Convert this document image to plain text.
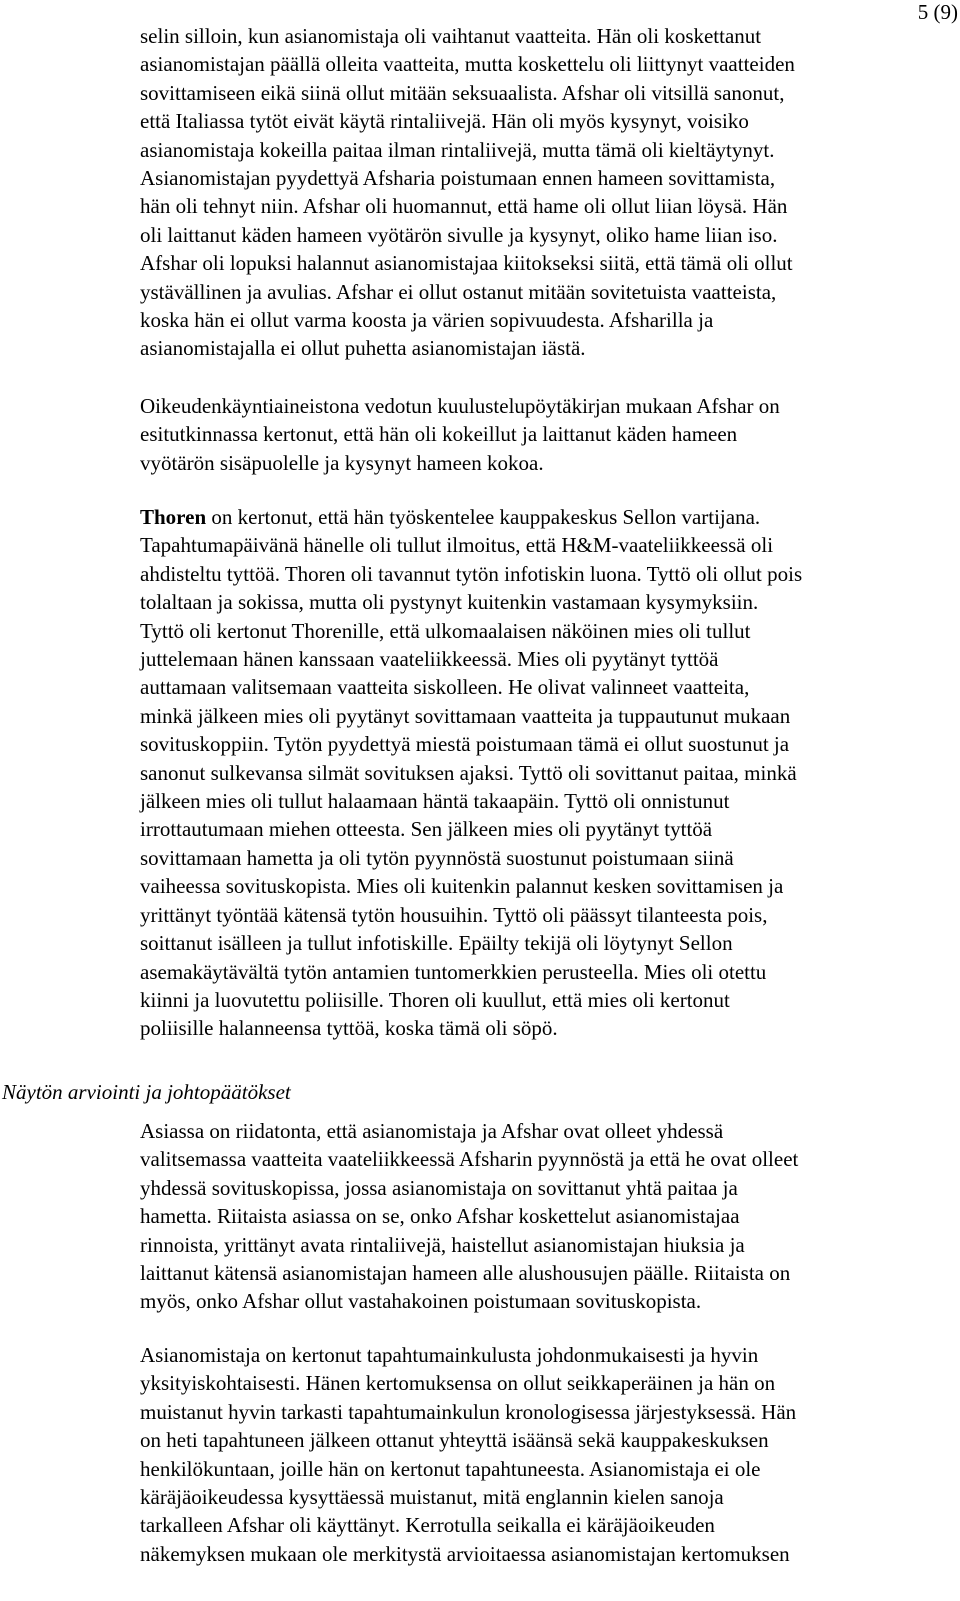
5 (9)
selin silloin, kun asianomistaja oli vaihtanut vaatteita. Hän oli koskettanut
asianomistajan päällä olleita vaatteita, mutta koskettelu oli liittynyt vaatteiden
sovittamiseen eikä siinä ollut mitään seksuaalista. Afshar oli vitsillä sanonut,
että Italiassa tytöt eivät käytä rintaliivejä. Hän oli myös kysynyt, voisiko
asianomistaja kokeilla paitaa ilman rintaliivejä, mutta tämä oli kieltäytynyt.
Asianomistajan pyydettyä Afsharia poistumaan ennen hameen sovittamista,
hän oli tehnyt niin. Afshar oli huomannut, että hame oli ollut liian löysä. Hän
oli laittanut käden hameen vyötärön sivulle ja kysynyt, oliko hame liian iso.
Afshar oli lopuksi halannut asianomistajaa kiitokseksi siitä, että tämä oli ollut
ystävällinen ja avulias. Afshar ei ollut ostanut mitään sovitetuista vaatteista,
koska hän ei ollut varma koosta ja värien sopivuudesta. Afsharilla ja
asianomistajalla ei ollut puhetta asianomistajan iästä.
Oikeudenkäyntiaineistona vedotun kuulustelupöytäkirjan mukaan Afshar on
esitutkinnassa kertonut, että hän oli kokeillut ja laittanut käden hameen
vyötärön sisäpuolelle ja kysynyt hameen kokoa.
Thoren on kertonut, että hän työskentelee kauppakeskus Sellon vartijana.
Tapahtumapäivänä hänelle oli tullut ilmoitus, että H&M-vaateliikkeessä oli
ahdisteltu tyttöä. Thoren oli tavannut tytön infotiskin luona. Tyttö oli ollut pois
tolaltaan ja sokissa, mutta oli pystynyt kuitenkin vastamaan kysymyksiin.
Tyttö oli kertonut Thorenille, että ulkomaalaisen näköinen mies oli tullut
juttelemaan hänen kanssaan vaateliikkeessä. Mies oli pyytänyt tyttöä
auttamaan valitsemaan vaatteita siskolleen. He olivat valinneet vaatteita,
minkä jälkeen mies oli pyytänyt sovittamaan vaatteita ja tuppautunut mukaan
sovituskoppiin. Tytön pyydettyä miestä poistumaan tämä ei ollut suostunut ja
sanonut sulkevansa silmät sovituksen ajaksi. Tyttö oli sovittanut paitaa, minkä
jälkeen mies oli tullut halaamaan häntä takaapäin. Tyttö oli onnistunut
irrottautumaan miehen otteesta. Sen jälkeen mies oli pyytänyt tyttöä
sovittamaan hametta ja oli tytön pyynnöstä suostunut poistumaan siinä
vaiheessa sovituskopista. Mies oli kuitenkin palannut kesken sovittamisen ja
yrittänyt työntää kätensä tytön housuihin. Tyttö oli päässyt tilanteesta pois,
soittanut isälleen ja tullut infotiskille. Epäilty tekijä oli löytynyt Sellon
asemakäytävältä tytön antamien tuntomerkkien perusteella. Mies oli otettu
kiinni ja luovutettu poliisille. Thoren oli kuullut, että mies oli kertonut
poliisille halanneensa tyttöä, koska tämä oli söpö.
Näytön arviointi ja johtopäätökset
Asiassa on riidatonta, että asianomistaja ja Afshar ovat olleet yhdessä
valitsemassa vaatteita vaateliikkeessä Afsharin pyynnöstä ja että he ovat olleet
yhdessä sovituskopissa, jossa asianomistaja on sovittanut yhtä paitaa ja
hametta. Riitaista asiassa on se, onko Afshar koskettelut asianomistajaa
rinnoista, yrittänyt avata rintaliivejä, haistellut asianomistajan hiuksia ja
laittanut kätensä asianomistajan hameen alle alushousujen päälle. Riitaista on
myös, onko Afshar ollut vastahakoinen poistumaan sovituskopista.
Asianomistaja on kertonut tapahtumainkulusta johdonmukaisesti ja hyvin
yksityiskohtaisesti. Hänen kertomuksensa on ollut seikkaperäinen ja hän on
muistanut hyvin tarkasti tapahtumainkulun kronologisessa järjestyksessä. Hän
on heti tapahtuneen jälkeen ottanut yhteyttä isäänsä sekä kauppakeskuksen
henkilökuntaan, joille hän on kertonut tapahtuneesta. Asianomistaja ei ole
käräjäoikeudessa kysyttäessä muistanut, mitä englannin kielen sanoja
tarkalleen Afshar oli käyttänyt. Kerrotulla seikalla ei käräjäoikeuden
näkemyksen mukaan ole merkitystä arvioitaessa asianomistajan kertomuksen
